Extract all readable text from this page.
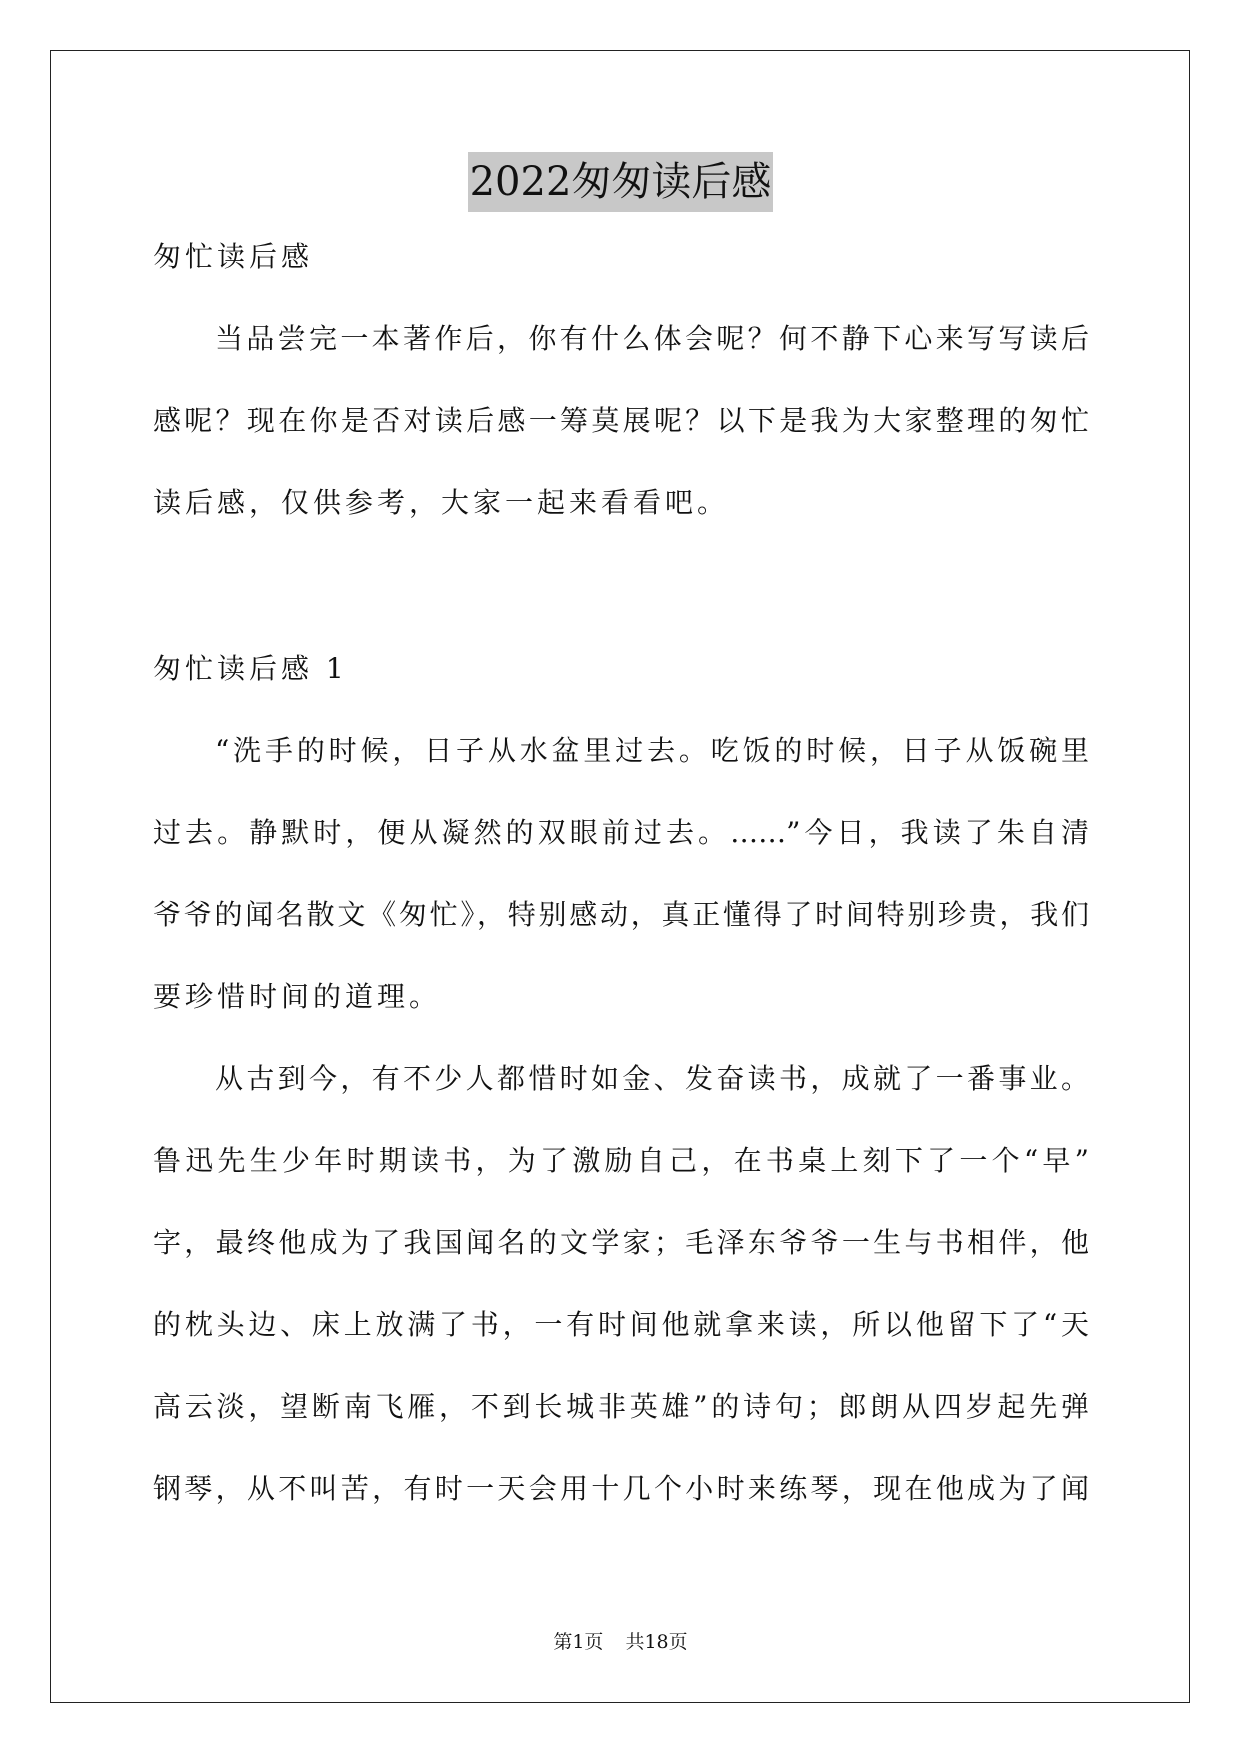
2022匆匆读后感
匆忙读后感
当品尝完一本著作后，你有什么体会呢？何不静下心来写写读后
感呢？现在你是否对读后感一筹莫展呢？以下是我为大家整理的匆忙
读后感，仅供参考，大家一起来看看吧。
匆忙读后感 1
“洗手的时候，日子从水盆里过去。吃饭的时候，日子从饭碗里
过去。静默时，便从凝然的双眼前过去。……”今日，我读了朱自清
爷爷的闻名散文《匆忙》，特别感动，真正懂得了时间特别珍贵，我们
要珍惜时间的道理。
从古到今，有不少人都惜时如金、发奋读书，成就了一番事业。
鲁迅先生少年时期读书，为了激励自己，在书桌上刻下了一个“早”
字，最终他成为了我国闻名的文学家；毛泽东爷爷一生与书相伴，他
的枕头边、床上放满了书，一有时间他就拿来读，所以他留下了“天
高云淡，望断南飞雁，不到长城非英雄”的诗句；郎朗从四岁起先弹
钢琴，从不叫苦，有时一天会用十几个小时来练琴，现在他成为了闻
第1页 共18页
